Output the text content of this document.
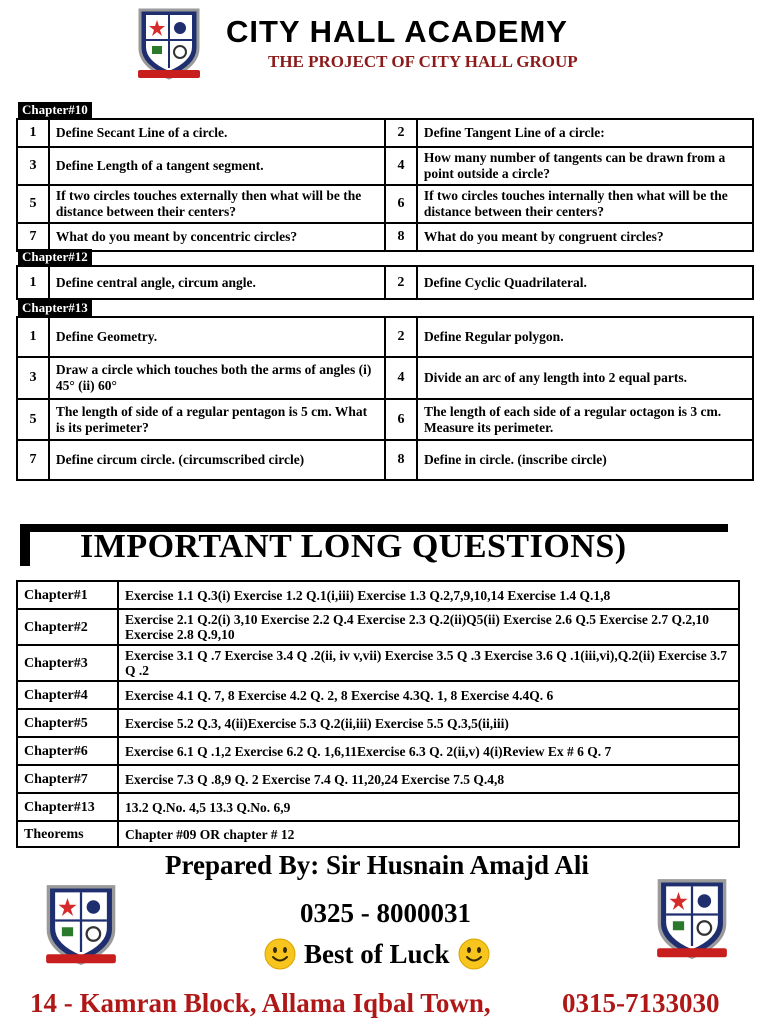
CITY HALL ACADEMY
THE PROJECT OF CITY HALL GROUP
Chapter#10
1	Define Secant Line of a circle.	2	Define Tangent Line of a circle:
3	Define Length of a tangent segment.	4	How many number of tangents can be drawn from a point outside a circle?
5	If two circles touches externally then what will be the distance between their centers?	6	If two circles touches internally then what will be the distance between their centers?
7	What do you meant by concentric circles?	8	What do you meant by congruent circles?
Chapter#12
1	Define central angle, circum angle.	2	Define Cyclic Quadrilateral.
Chapter#13
1	Define Geometry.	2	Define Regular polygon.
3	Draw a circle which touches both the arms of angles (i) 45° (ii) 60°	4	Divide an arc of any length into 2 equal parts.
5	The length of side of a regular pentagon is 5 cm. What is its perimeter?	6	The length of each side of a regular octagon is 3 cm. Measure its perimeter.
7	Define circum circle. (circumscribed circle)	8	Define in circle. (inscribe circle)
IMPORTANT LONG QUESTIONS)
Chapter#1	Exercise 1.1 Q.3(i) Exercise 1.2 Q.1(i,iii) Exercise 1.3 Q.2,7,9,10,14 Exercise 1.4 Q.1,8
Chapter#2	Exercise 2.1 Q.2(i) 3,10 Exercise 2.2 Q.4 Exercise 2.3 Q.2(ii)Q5(ii) Exercise 2.6 Q.5 Exercise 2.7 Q.2,10 Exercise 2.8 Q.9,10
Chapter#3	Exercise 3.1 Q .7 Exercise 3.4 Q .2(ii, iv v,vii) Exercise 3.5 Q .3 Exercise 3.6 Q .1(iii,vi),Q.2(ii) Exercise 3.7 Q .2
Chapter#4	Exercise 4.1 Q. 7, 8 Exercise 4.2 Q. 2, 8 Exercise 4.3Q. 1, 8 Exercise 4.4Q. 6
Chapter#5	Exercise 5.2 Q.3, 4(ii)Exercise 5.3 Q.2(ii,iii) Exercise 5.5 Q.3,5(ii,iii)
Chapter#6	Exercise 6.1 Q .1,2 Exercise 6.2 Q. 1,6,11Exercise 6.3 Q. 2(ii,v) 4(i)Review Ex # 6 Q. 7
Chapter#7	Exercise 7.3 Q .8,9 Q. 2 Exercise 7.4 Q. 11,20,24 Exercise 7.5 Q.4,8
Chapter#13	13.2 Q.No. 4,5 13.3 Q.No. 6,9
Theorems	Chapter #09 OR chapter # 12
Prepared By: Sir Husnain Amajd Ali
0325 - 8000031
Best of Luck
14 - Kamran Block, Allama Iqbal Town,	0315-7133030
